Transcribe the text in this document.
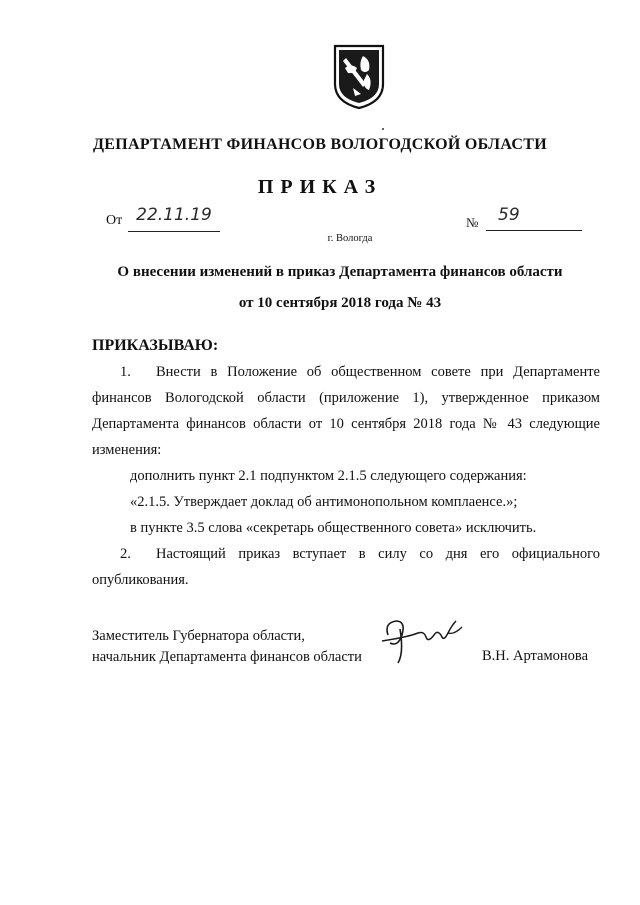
ДЕПАРТАМЕНТ ФИНАНСОВ ВОЛОГОДСКОЙ ОБЛАСТИ
ПРИКАЗ
От 22.11.19	№	59
г. Вологда
О внесении изменений в приказ Департамента финансов области
от 10 сентября 2018 года № 43
ПРИКАЗЫВАЮ:
1. Внести в Положение об общественном совете при Департаменте
финансов Вологодской области (приложение 1), утвержденное приказом
Департамента финансов области от 10 сентября 2018 года № 43 следующие
изменения:
дополнить пункт 2.1 подпунктом 2.1.5 следующего содержания:
«2.1.5. Утверждает доклад об антимонопольном комплаенсе.»;
в пункте 3.5 слова «секретарь общественного совета» исключить.
2. Настоящий приказ вступает в силу со дня его официального
опубликования.
Заместитель Губернатора области,
начальник Департамента финансов области	В.Н. Артамонова
